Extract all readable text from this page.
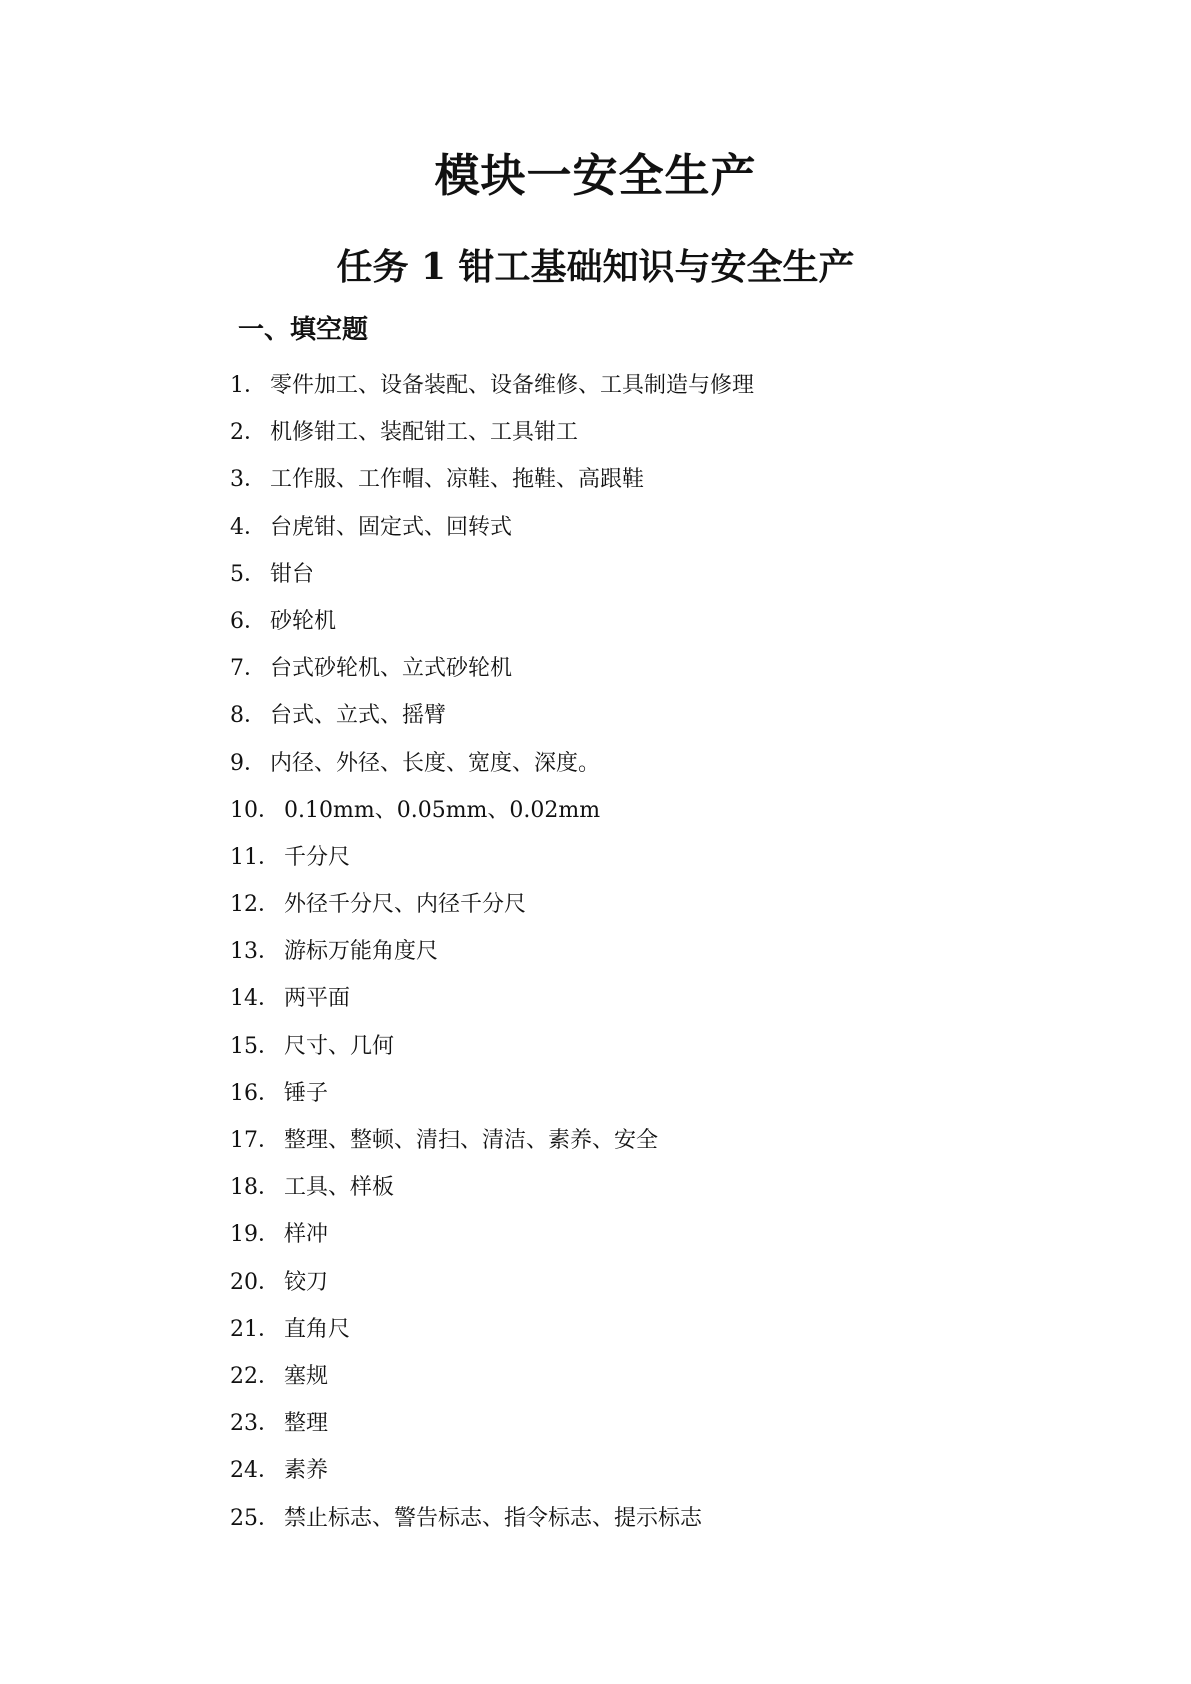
模块一安全生产
任务 1 钳工基础知识与安全生产
一、填空题
1． 零件加工、设备装配、设备维修、工具制造与修理
2． 机修钳工、装配钳工、工具钳工
3． 工作服、工作帽、凉鞋、拖鞋、高跟鞋
4． 台虎钳、固定式、回转式
5． 钳台
6． 砂轮机
7． 台式砂轮机、立式砂轮机
8． 台式、立式、摇臂
9． 内径、外径、长度、宽度、深度。
10． 0.10mm、0.05mm、0.02mm
11． 千分尺
12． 外径千分尺、内径千分尺
13． 游标万能角度尺
14． 两平面
15． 尺寸、几何
16． 锤子
17． 整理、整顿、清扫、清洁、素养、安全
18． 工具、样板
19． 样冲
20． 铰刀
21． 直角尺
22． 塞规
23． 整理
24． 素养
25． 禁止标志、警告标志、指令标志、提示标志
